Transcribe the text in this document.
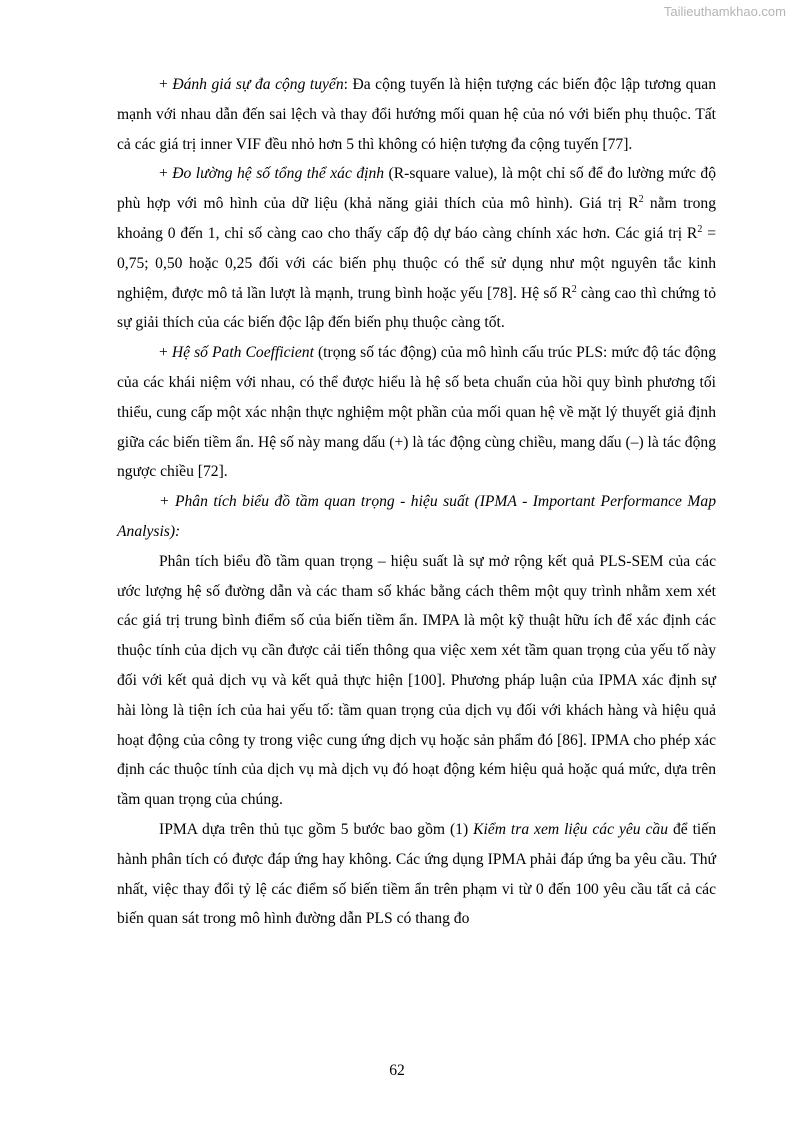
Tailieuthamkhao.com

+ Đánh giá sự đa cộng tuyến: Đa cộng tuyến là hiện tượng các biến độc lập tương quan mạnh với nhau dẫn đến sai lệch và thay đổi hướng mối quan hệ của nó với biến phụ thuộc. Tất cả các giá trị inner VIF đều nhỏ hơn 5 thì không có hiện tượng đa cộng tuyến [77].

+ Đo lường hệ số tổng thể xác định (R-square value), là một chỉ số để đo lường mức độ phù hợp với mô hình của dữ liệu (khả năng giải thích của mô hình). Giá trị $R^2$ nằm trong khoảng 0 đến 1, chỉ số càng cao cho thấy cấp độ dự báo càng chính xác hơn. Các giá trị $R^2 = 0,75$; 0,50 hoặc 0,25 đối với các biến phụ thuộc có thể sử dụng như một nguyên tắc kinh nghiệm, được mô tả lần lượt là mạnh, trung bình hoặc yếu [78]. Hệ số $R^2$ càng cao thì chứng tỏ sự giải thích của các biến độc lập đến biến phụ thuộc càng tốt.

+ Hệ số Path Coefficient (trọng số tác động) của mô hình cấu trúc PLS: mức độ tác động của các khái niệm với nhau, có thể được hiểu là hệ số beta chuẩn của hồi quy bình phương tối thiểu, cung cấp một xác nhận thực nghiệm một phần của mối quan hệ về mặt lý thuyết giả định giữa các biến tiềm ẩn. Hệ số này mang dấu (+) là tác động cùng chiều, mang dấu (–) là tác động ngược chiều [72].

+ Phân tích biểu đồ tầm quan trọng - hiệu suất (IPMA - Important Performance Map Analysis):

Phân tích biểu đồ tầm quan trọng – hiệu suất là sự mở rộng kết quả PLS-SEM của các ước lượng hệ số đường dẫn và các tham số khác bằng cách thêm một quy trình nhằm xem xét các giá trị trung bình điểm số của biến tiềm ẩn. IMPA là một kỹ thuật hữu ích để xác định các thuộc tính của dịch vụ cần được cải tiến thông qua việc xem xét tầm quan trọng của yếu tố này đối với kết quả dịch vụ và kết quả thực hiện [100]. Phương pháp luận của IPMA xác định sự hài lòng là tiện ích của hai yếu tố: tầm quan trọng của dịch vụ đối với khách hàng và hiệu quả hoạt động của công ty trong việc cung ứng dịch vụ hoặc sản phẩm đó [86]. IPMA cho phép xác định các thuộc tính của dịch vụ mà dịch vụ đó hoạt động kém hiệu quả hoặc quá mức, dựa trên tầm quan trọng của chúng.

IPMA dựa trên thủ tục gồm 5 bước bao gồm (1) Kiểm tra xem liệu các yêu cầu để tiến hành phân tích có được đáp ứng hay không. Các ứng dụng IPMA phải đáp ứng ba yêu cầu. Thứ nhất, việc thay đổi tỷ lệ các điểm số biến tiềm ẩn trên phạm vi từ 0 đến 100 yêu cầu tất cả các biến quan sát trong mô hình đường dẫn PLS có thang đo

62
